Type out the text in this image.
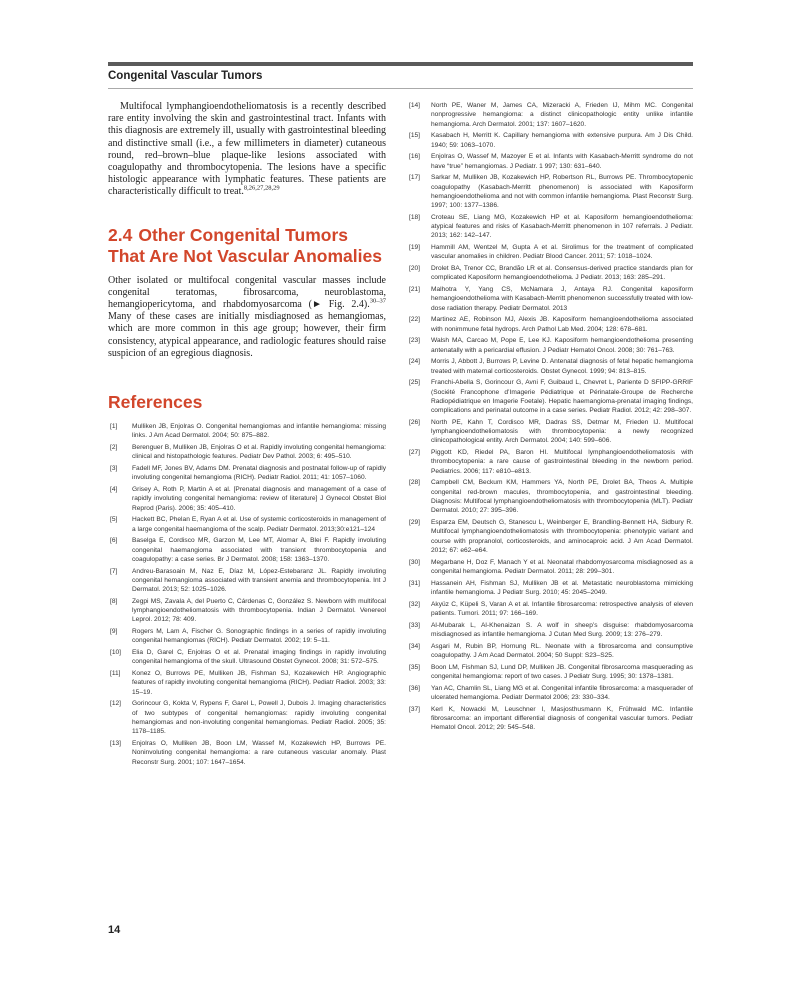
Congenital Vascular Tumors

Multifocal lymphangioendotheliomatosis is a recently described rare entity involving the skin and gastrointestinal tract. Infants with this diagnosis are extremely ill, usually with gastrointestinal bleeding and distinctive small (i.e., a few millimeters in diameter) cutaneous round, red–brown–blue plaque-like lesions associated with coagulopathy and thrombocytopenia. The lesions have a specific histologic appearance with lymphatic features. These patients are characteristically difficult to treat.$^{8,26,27,28,29}$

2.4 Other Congenital Tumors That Are Not Vascular Anomalies

Other isolated or multifocal congenital vascular masses include congenital teratomas, fibrosarcoma, neuroblastoma, hemangiopericytoma, and rhabdomyosarcoma (► Fig. 2.4).$^{30-37}$ Many of these cases are initially misdiagnosed as hemangiomas, which are more common in this age group; however, their firm consistency, atypical appearance, and radiologic features should raise suspicion of an egregious diagnosis.

References
[1]	Mulliken JB, Enjolras O. Congenital hemangiomas and infantile hemangioma: missing links. J Am Acad Dermatol. 2004; 50: 875–882.
[2]	Berenguer B, Mulliken JB, Enjolras O et al. Rapidly involuting congenital hemangioma: clinical and histopathologic features. Pediatr Dev Pathol. 2003; 6: 495–510.
[3]	Fadell MF, Jones BV, Adams DM. Prenatal diagnosis and postnatal follow-up of rapidly involuting congenital hemangioma (RICH). Pediatr Radiol. 2011; 41: 1057–1060.
[4]	Grisey A, Roth P, Martin A et al. [Prenatal diagnosis and management of a case of rapidly involuting congenital hemangioma: review of literature] J Gynecol Obstet Biol Reprod (Paris). 2006; 35: 405–410.
[5]	Hackett BC, Phelan E, Ryan A et al. Use of systemic corticosteroids in management of a large congenital haemangioma of the scalp. Pediatr Dermatol. 2013;30:e121–124
[6]	Baselga E, Cordisco MR, Garzon M, Lee MT, Alomar A, Blei F. Rapidly involuting congenital haemangioma associated with transient thrombocytopenia and coagulopathy: a case series. Br J Dermatol. 2008; 158: 1363–1370.
[7]	Andreu-Barasoain M, Naz E, Díaz M, López-Estebaranz JL. Rapidly involuting congenital hemangioma associated with transient anemia and thrombocytopenia. Int J Dermatol. 2013; 52: 1025–1026.
[8]	Zegpi MS, Zavala A, del Puerto C, Cárdenas C, González S. Newborn with multifocal lymphangioendotheliomatosis with thrombocytopenia. Indian J Dermatol. Venereol Leprol. 2012; 78: 409.
[9]	Rogers M, Lam A, Fischer G. Sonographic findings in a series of rapidly involuting congenital hemangiomas (RICH). Pediatr Dermatol. 2002; 19: 5–11.
[10]	Elia D, Garel C, Enjolras O et al. Prenatal imaging findings in rapidly involuting congenital hemangioma of the skull. Ultrasound Obstet Gynecol. 2008; 31: 572–575.
[11]	Konez O, Burrows PE, Mulliken JB, Fishman SJ, Kozakewich HP. Angiographic features of rapidly involuting congenital hemangioma (RICH). Pediatr Radiol. 2003; 33: 15–19.
[12]	Gorincour G, Kokta V, Rypens F, Garel L, Powell J, Dubois J. Imaging characteristics of two subtypes of congenital hemangiomas: rapidly involuting congenital hemangiomas and non-involuting congenital hemangiomas. Pediatr Radiol. 2005; 35: 1178–1185.
[13]	Enjolras O, Mulliken JB, Boon LM, Wassef M, Kozakewich HP, Burrows PE. Noninvoluting congenital hemangioma: a rare cutaneous vascular anomaly. Plast Reconstr Surg. 2001; 107: 1647–1654.
[14]	North PE, Waner M, James CA, Mizeracki A, Frieden IJ, Mihm MC. Congenital nonprogressive hemangioma: a distinct clinicopathologic entity unlike infantile hemangioma. Arch Dermatol. 2001; 137: 1607–1620.
[15]	Kasabach H, Merritt K. Capillary hemangioma with extensive purpura. Am J Dis Child. 1940; 59: 1063–1070.
[16]	Enjolras O, Wassef M, Mazoyer E et al. Infants with Kasabach-Merritt syndrome do not have “true” hemangiomas. J Pediatr. 1 997; 130: 631–640.
[17]	Sarkar M, Mulliken JB, Kozakewich HP, Robertson RL, Burrows PE. Thrombocytopenic coagulopathy (Kasabach-Merritt phenomenon) is associated with Kaposiform hemangioendothelioma and not with common infantile hemangioma. Plast Reconstr Surg. 1997; 100: 1377–1386.
[18]	Croteau SE, Liang MG, Kozakewich HP et al. Kaposiform hemangioendothelioma: atypical features and risks of Kasabach-Merritt phenomenon in 107 referrals. J Pediatr. 2013; 162: 142–147.
[19]	Hammill AM, Wentzel M, Gupta A et al. Sirolimus for the treatment of complicated vascular anomalies in children. Pediatr Blood Cancer. 2011; 57: 1018–1024.
[20]	Drolet BA, Trenor CC, Brandão LR et al. Consensus-derived practice standards plan for complicated Kaposiform hemangioendothelioma. J Pediatr. 2013; 163: 285–291.
[21]	Malhotra Y, Yang CS, McNamara J, Antaya RJ. Congenital kaposiform hemangioendothelioma with Kasabach-Merritt phenomenon successfully treated with low-dose radiation therapy. Pediatr Dermatol. 2013
[22]	Martinez AE, Robinson MJ, Alexis JB. Kaposiform hemangioendothelioma associated with nonimmune fetal hydrops. Arch Pathol Lab Med. 2004; 128: 678–681.
[23]	Walsh MA, Carcao M, Pope E, Lee KJ. Kaposiform hemangioendothelioma presenting antenatally with a pericardial effusion. J Pediatr Hematol Oncol. 2008; 30: 761–763.
[24]	Morris J, Abbott J, Burrows P, Levine D. Antenatal diagnosis of fetal hepatic hemangioma treated with maternal corticosteroids. Obstet Gynecol. 1999; 94: 813–815.
[25]	Franchi-Abella S, Gorincour G, Avni F, Guibaud L, Chevret L, Pariente D SFIPP-GRRIF (Société Francophone d’Imagerie Pédiatrique et Périnatale-Groupe de Recherche Radiopédiatrique en Imagerie Foetale). Hepatic haemangioma-prenatal imaging findings, complications and perinatal outcome in a case series. Pediatr Radiol. 2012; 42: 298–307.
[26]	North PE, Kahn T, Cordisco MR, Dadras SS, Detmar M, Frieden IJ. Multifocal lymphangioendotheliomatosis with thrombocytopenia: a newly recognized clinicopathological entity. Arch Dermatol. 2004; 140: 599–606.
[27]	Piggott KD, Riedel PA, Baron HI. Multifocal lymphangioendotheliomatosis with thrombocytopenia: a rare cause of gastrointestinal bleeding in the newborn period. Pediatrics. 2006; 117: e810–e813.
[28]	Campbell CM, Beckum KM, Hammers YA, North PE, Drolet BA, Theos A. Multiple congenital red-brown macules, thrombocytopenia, and gastrointestinal bleeding. Diagnosis: Multifocal lymphangioendotheliomatosis with thrombocytopenia (MLT). Pediatr Dermatol. 2010; 27: 395–396.
[29]	Esparza EM, Deutsch G, Stanescu L, Weinberger E, Brandling-Bennett HA, Sidbury R. Multifocal lymphangioendotheliomatosis with thrombocytopenia: phenotypic variant and course with propranolol, corticosteroids, and aminocaproic acid. J Am Acad Dermatol. 2012; 67: e62–e64.
[30]	Megarbane H, Doz F, Manach Y et al. Neonatal rhabdomyosarcoma misdiagnosed as a congenital hemangioma. Pediatr Dermatol. 2011; 28: 299–301.
[31]	Hassanein AH, Fishman SJ, Mulliken JB et al. Metastatic neuroblastoma mimicking infantile hemangioma. J Pediatr Surg. 2010; 45: 2045–2049.
[32]	Akyüz C, Küpeli S, Varan A et al. Infantile fibrosarcoma: retrospective analysis of eleven patients. Tumori. 2011; 97: 166–169.
[33]	Al-Mubarak L, Al-Khenaizan S. A wolf in sheep’s disguise: rhabdomyosarcoma misdiagnosed as infantile hemangioma. J Cutan Med Surg. 2009; 13: 276–279.
[34]	Asgari M, Rubin BP, Hornung RL. Neonate with a fibrosarcoma and consumptive coagulopathy. J Am Acad Dermatol. 2004; 50 Suppl: S23–S25.
[35]	Boon LM, Fishman SJ, Lund DP, Mulliken JB. Congenital fibrosarcoma masquerading as congenital hemangioma: report of two cases. J Pediatr Surg. 1995; 30: 1378–1381.
[36]	Yan AC, Chamlin SL, Liang MG et al. Congenital infantile fibrosarcoma: a masquerader of ulcerated hemangioma. Pediatr Dermatol 2006; 23: 330–334.
[37]	Kerl K, Nowacki M, Leuschner I, Masjosthusmann K, Frühwald MC. Infantile fibrosarcoma: an important differential diagnosis of congenital vascular tumors. Pediatr Hematol Oncol. 2012; 29: 545–548.
14
